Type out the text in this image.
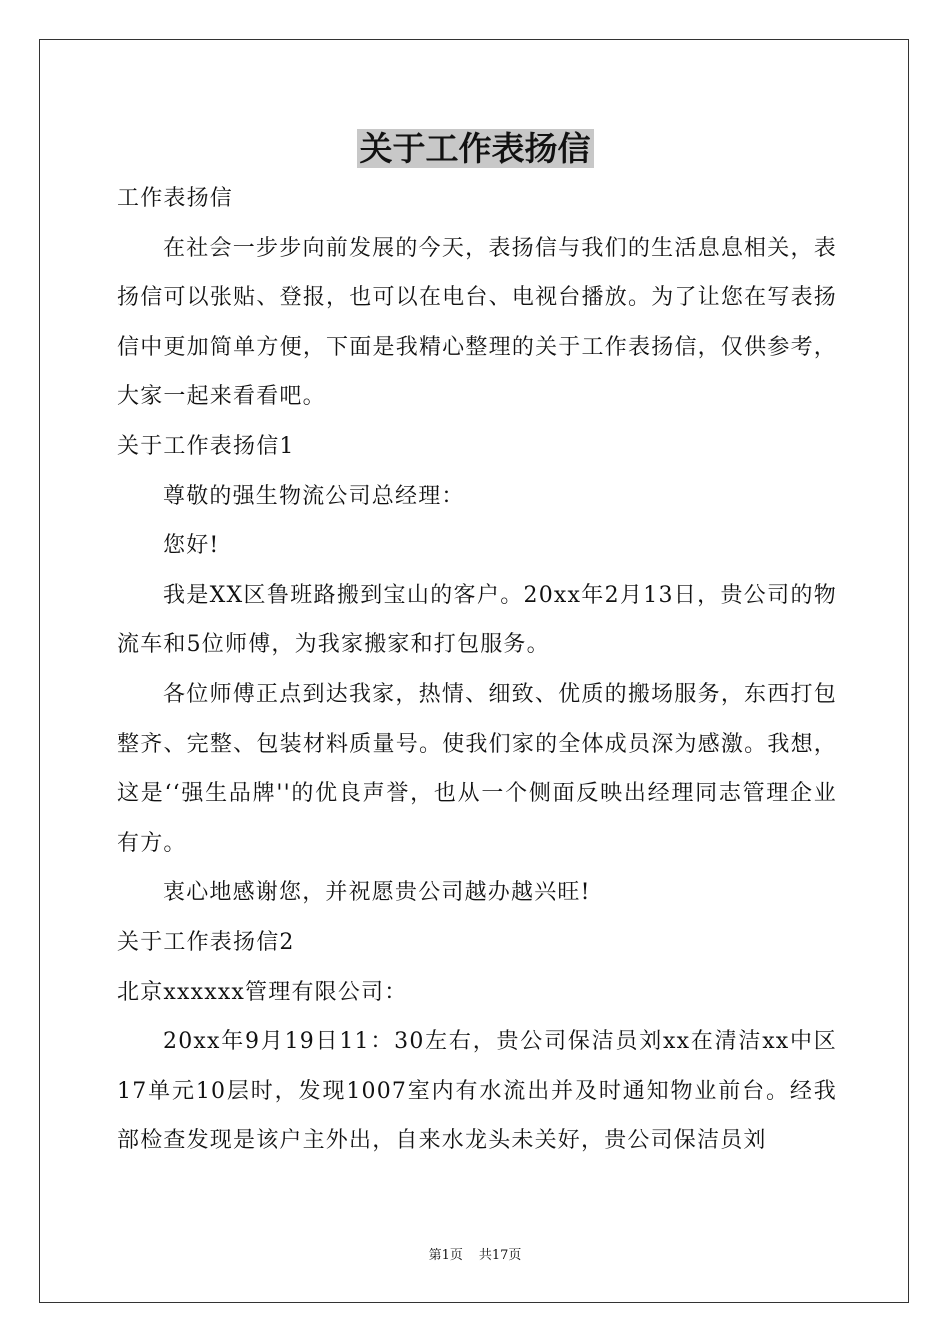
关于工作表扬信

工作表扬信

在社会一步步向前发展的今天，表扬信与我们的生活息息相关，表扬信可以张贴、登报，也可以在电台、电视台播放。为了让您在写表扬信中更加简单方便，下面是我精心整理的关于工作表扬信，仅供参考，大家一起来看看吧。

关于工作表扬信1

尊敬的强生物流公司总经理：

您好!

我是XX区鲁班路搬到宝山的客户。20xx年2月13日，贵公司的物流车和5位师傅，为我家搬家和打包服务。

各位师傅正点到达我家，热情、细致、优质的搬场服务，东西打包整齐、完整、包装材料质量号。使我们家的全体成员深为感激。我想，这是‘‘强生品牌''的优良声誉，也从一个侧面反映出经理同志管理企业有方。

衷心地感谢您，并祝愿贵公司越办越兴旺!

关于工作表扬信2

北京xxxxxx管理有限公司：

20xx年9月19日11：30左右，贵公司保洁员刘xx在清洁xx中区17单元10层时，发现1007室内有水流出并及时通知物业前台。经我部检查发现是该户主外出，自来水龙头未关好，贵公司保洁员刘

第1页 共17页
